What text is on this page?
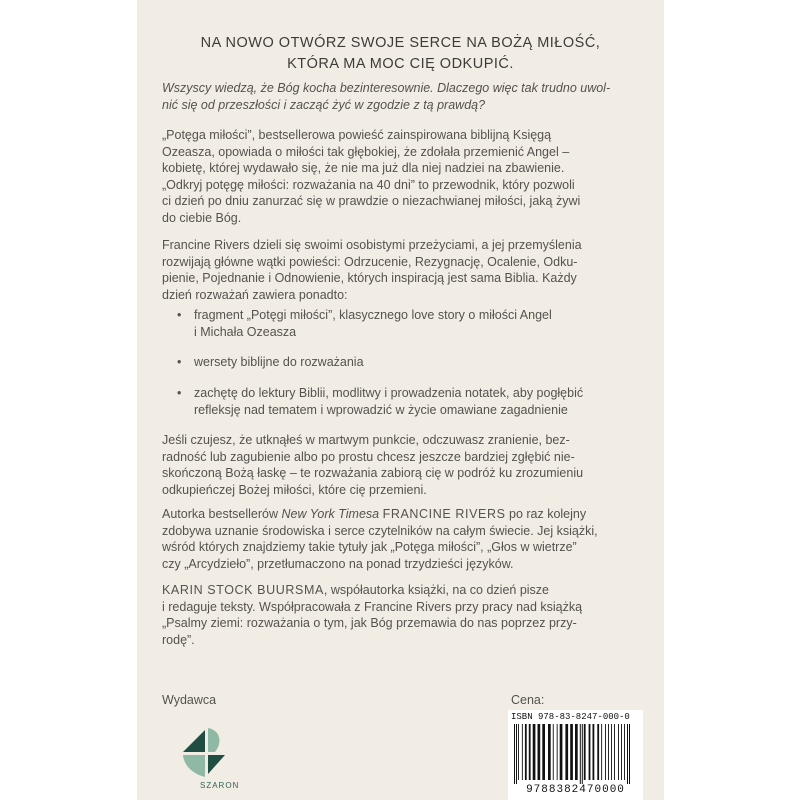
NA NOWO OTWÓRZ SWOJE SERCE NA BOŻĄ MIŁOŚĆ,
KTÓRA MA MOC CIĘ ODKUPIĆ.
Wszyscy wiedzą, że Bóg kocha bezinteresownie. Dlaczego więc tak trudno uwol-
nić się od przeszłości i zacząć żyć w zgodzie z tą prawdą?
„Potęga miłości”, bestsellerowa powieść zainspirowana biblijną Księgą
Ozeasza, opowiada o miłości tak głębokiej, że zdołała przemienić Angel –
kobietę, której wydawało się, że nie ma już dla niej nadziei na zbawienie.
„Odkryj potęgę miłości: rozważania na 40 dni” to przewodnik, który pozwoli
ci dzień po dniu zanurzać się w prawdzie o niezachwianej miłości, jaką żywi
do ciebie Bóg.
Francine Rivers dzieli się swoimi osobistymi przeżyciami, a jej przemyślenia
rozwijają główne wątki powieści: Odrzucenie, Rezygnację, Ocalenie, Odku-
pienie, Pojednanie i Odnowienie, których inspiracją jest sama Biblia. Każdy
dzień rozważań zawiera ponadto:
• fragment „Potęgi miłości”, klasycznego love story o miłości Angel
i Michała Ozeasza
• wersety biblijne do rozważania
• zachętę do lektury Biblii, modlitwy i prowadzenia notatek, aby pogłębić
refleksję nad tematem i wprowadzić w życie omawiane zagadnienie
Jeśli czujesz, że utknąłeś w martwym punkcie, odczuwasz zranienie, bez-
radność lub zagubienie albo po prostu chcesz jeszcze bardziej zgłębić nie-
skończoną Bożą łaskę – te rozważania zabiorą cię w podróż ku zrozumieniu
odkupieńczej Bożej miłości, które cię przemieni.
Autorka bestsellerów New York Timesa FRANCINE RIVERS po raz kolejny
zdobywa uznanie środowiska i serce czytelników na całym świecie. Jej książki,
wśród których znajdziemy takie tytuły jak „Potęga miłości”, „Głos w wietrze”
czy „Arcydzieło”, przetłumaczono na ponad trzydzieści języków.
KARIN STOCK BUURSMA, współautorka książki, na co dzień pisze
i redaguje teksty. Współpracowała z Francine Rivers przy pracy nad książką
„Psalmy ziemi: rozważania o tym, jak Bóg przemawia do nas poprzez przy-
rodę”.
Wydawca
SZARON
Cena:
ISBN 978-83-8247-000-0
9788382470000
